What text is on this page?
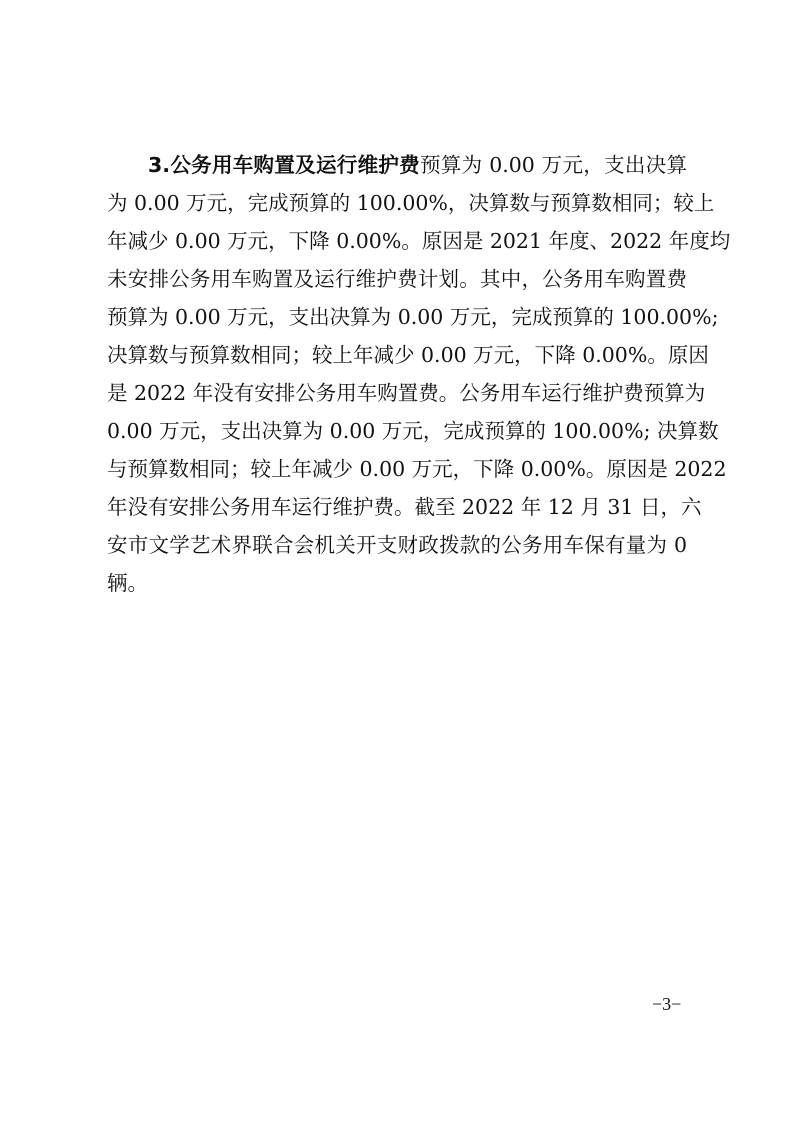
3.公务用车购置及运行维护费预算为 0.00 万元，支出决算
为 0.00 万元，完成预算的 100.00%，决算数与预算数相同；较上
年减少 0.00 万元，下降 0.00%。原因是 2021 年度、2022 年度均
未安排公务用车购置及运行维护费计划。其中，公务用车购置费
预算为 0.00 万元，支出决算为 0.00 万元，完成预算的 100.00%;
决算数与预算数相同；较上年减少 0.00 万元，下降 0.00%。原因
是 2022 年没有安排公务用车购置费。公务用车运行维护费预算为
0.00 万元，支出决算为 0.00 万元，完成预算的 100.00%; 决算数
与预算数相同；较上年减少 0.00 万元，下降 0.00%。原因是 2022
年没有安排公务用车运行维护费。截至 2022 年 12 月 31 日，六
安市文学艺术界联合会机关开支财政拨款的公务用车保有量为 0
辆。
−3−
